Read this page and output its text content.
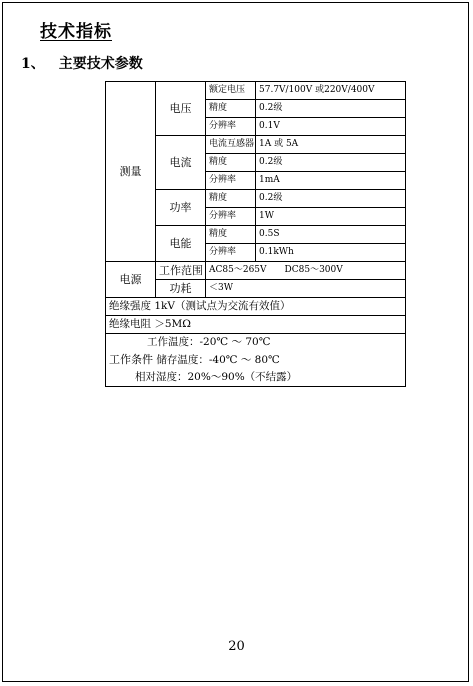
技术指标
1、 主要技术参数
测量	电压	额定电压	57.7V/100V 或220V/400V
		精度	0.2级
		分辨率	0.1V
	电流	电流互感器	1A 或 5A
		精度	0.2级
		分辨率	1mA
	功率	精度	0.2级
		分辨率	1W
	电能	精度	0.5S
		分辨率	0.1kWh
电源	工作范围	AC85～265V　　DC85～300V	
	功耗	＜3W	
绝缘强度 1kV（测试点为交流有效值）			
绝缘电阻 ＞5MΩ			

工作温度：-20℃ ～ 70℃
工作条件 储存温度：-40℃ ～ 80℃
相对湿度：20%～90%（不结露）			
20
